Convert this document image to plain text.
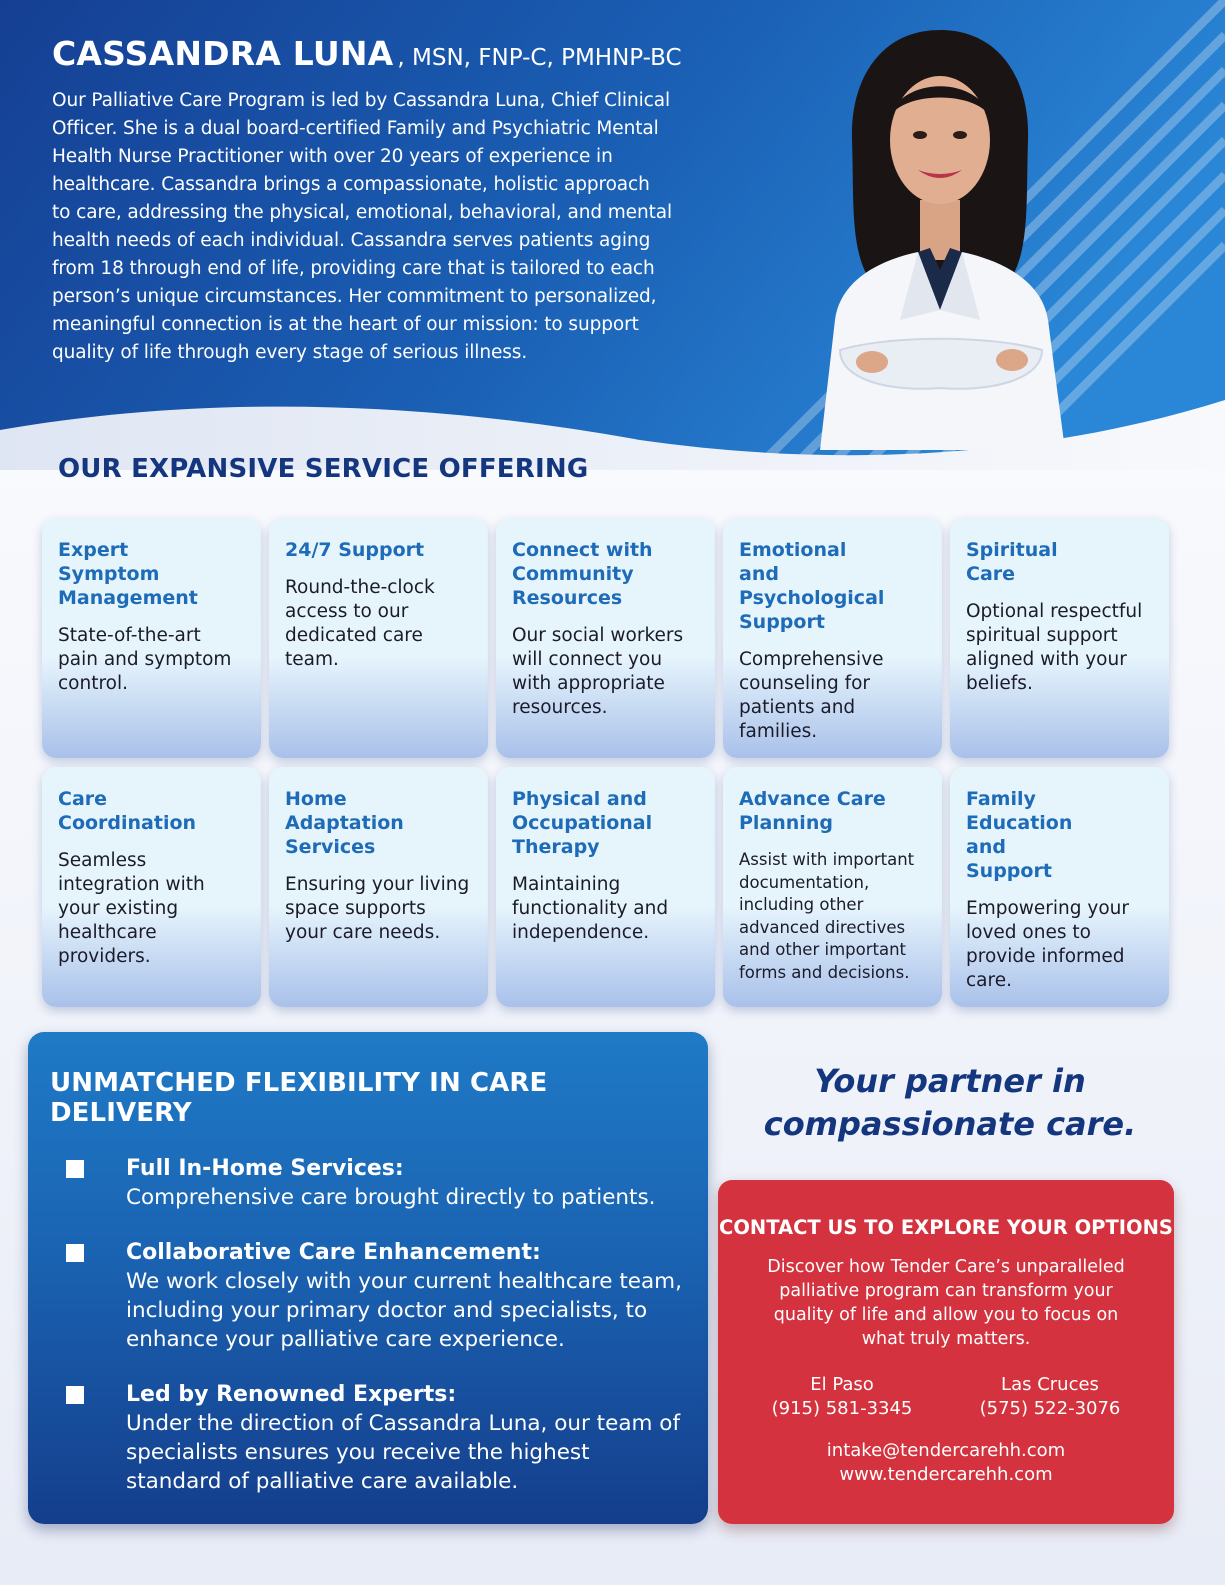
CASSANDRA LUNA , MSN, FNP-C, PMHNP-BC

Our Palliative Care Program is led by Cassandra Luna, Chief Clinical Officer. She is a dual board-certified Family and Psychiatric Mental Health Nurse Practitioner with over 20 years of experience in healthcare. Cassandra brings a compassionate, holistic approach to care, addressing the physical, emotional, behavioral, and mental health needs of each individual. Cassandra serves patients aging from 18 through end of life, providing care that is tailored to each person’s unique circumstances. Her commitment to personalized, meaningful connection is at the heart of our mission: to support quality of life through every stage of serious illness.

OUR EXPANSIVE SERVICE OFFERING
Expert Symptom Management
State-of-the-art pain and symptom control.
24/7 Support
Round-the-clock access to our dedicated care team.
Connect with Community Resources
Our social workers will connect you with appropriate resources.
Emotional and Psychological Support
Comprehensive counseling for patients and families.
Spiritual Care
Optional respectful spiritual support aligned with your beliefs.
Care Coordination
Seamless integration with your existing healthcare providers.
Home Adaptation Services
Ensuring your living space supports your care needs.
Physical and Occupational Therapy
Maintaining functionality and independence.
Advance Care Planning
Assist with important documentation, including other advanced directives and other important forms and decisions.
Family Education and Support
Empowering your loved ones to provide informed care.
UNMATCHED FLEXIBILITY IN CARE DELIVERY
Full In-Home Services:
Comprehensive care brought directly to patients.
Collaborative Care Enhancement:
We work closely with your current healthcare team, including your primary doctor and specialists, to enhance your palliative care experience.
Led by Renowned Experts:
Under the direction of Cassandra Luna, our team of specialists ensures you receive the highest standard of palliative care available.
Your partner in
compassionate care.
CONTACT US TO EXPLORE YOUR OPTIONS

Discover how Tender Care’s unparalleled palliative program can transform your quality of life and allow you to focus on what truly matters.

El Paso
(915) 581-3345
Las Cruces
(575) 522-3076
intake@tendercarehh.com
www.tendercarehh.com
